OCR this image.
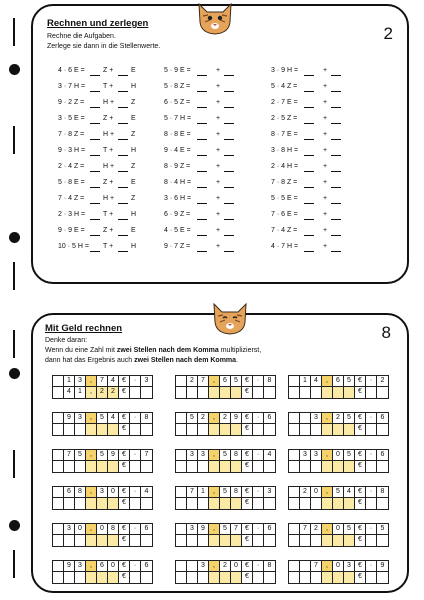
Rechnen und zerlegen
Rechne die Aufgaben.
Zerlege sie dann in die Stellenwerte.
2
4 · 6 E =	Z +	E
3 · 7 H =	T +	H
9 · 2 Z =	H + Z
3 · 5 E =	Z +	E
7 · 8 Z =	H + Z
9 · 3 H =	T +	H
2 · 4 Z =	H + Z
5 · 8 E =	Z +	E
7 · 4 Z =	H + Z
2 · 3 H =	T +	H
9 · 9 E =	Z +	E
10 · 5 H = T +	H
5 · 9 E =	+
5 · 8 Z =	+
6 · 5 Z =	+
5 · 7 H =	+
8 · 8 E =	+
9 · 4 E =	+
8 · 9 Z =	+
8 · 4 H =	+
3 · 6 H =	+
6 · 9 Z =	+
4 · 5 E =	+
9 · 7 Z =	+
3 · 9 H =	+
5 · 4 Z =	+
2 · 7 E =	+
2 · 5 Z =	+
8 · 7 E =	+
3 · 8 H =	+
2 · 4 H =	+
7 · 8 Z =	+
5 · 5 E =	+
7 · 6 E =	+
7 · 4 Z =	+
4 · 7 H =	+
Mit Geld rechnen
Denke daran:
Wenn du eine Zahl mit zwei Stellen nach dem Komma multiplizierst,
dann hat das Ergebnis auch zwei Stellen nach dem Komma.
8
1	3	,	7	4	€	·	3
4	1	,	2	2	€
2	7	,	6	5	€	·	8
€
1	4	,	6	5	€	·	2
€
9	3	,	5	4	€	·	8
€
5	2	,	2	9	€	·	6
€
3	,	2	5	€	·	6
€
7	5	,	5	9	€	·	7
€
3	3	,	5	8	€	·	4
€
3	3	,	0	5	€	·	6
€
6	8	,	3	0	€	·	4
€
7	1	,	5	8	€	·	3
€
2	0	,	5	4	€	·	8
€
3	0	,	0	8	€	·	6
€
3	9	,	5	7	€	·	6
€
7	2	,	0	5	€	·	5
€
9	3	,	6	0	€	·	6
€
3	,	2	0	€	·	8
€
7	,	0	3	€	·	9
€
